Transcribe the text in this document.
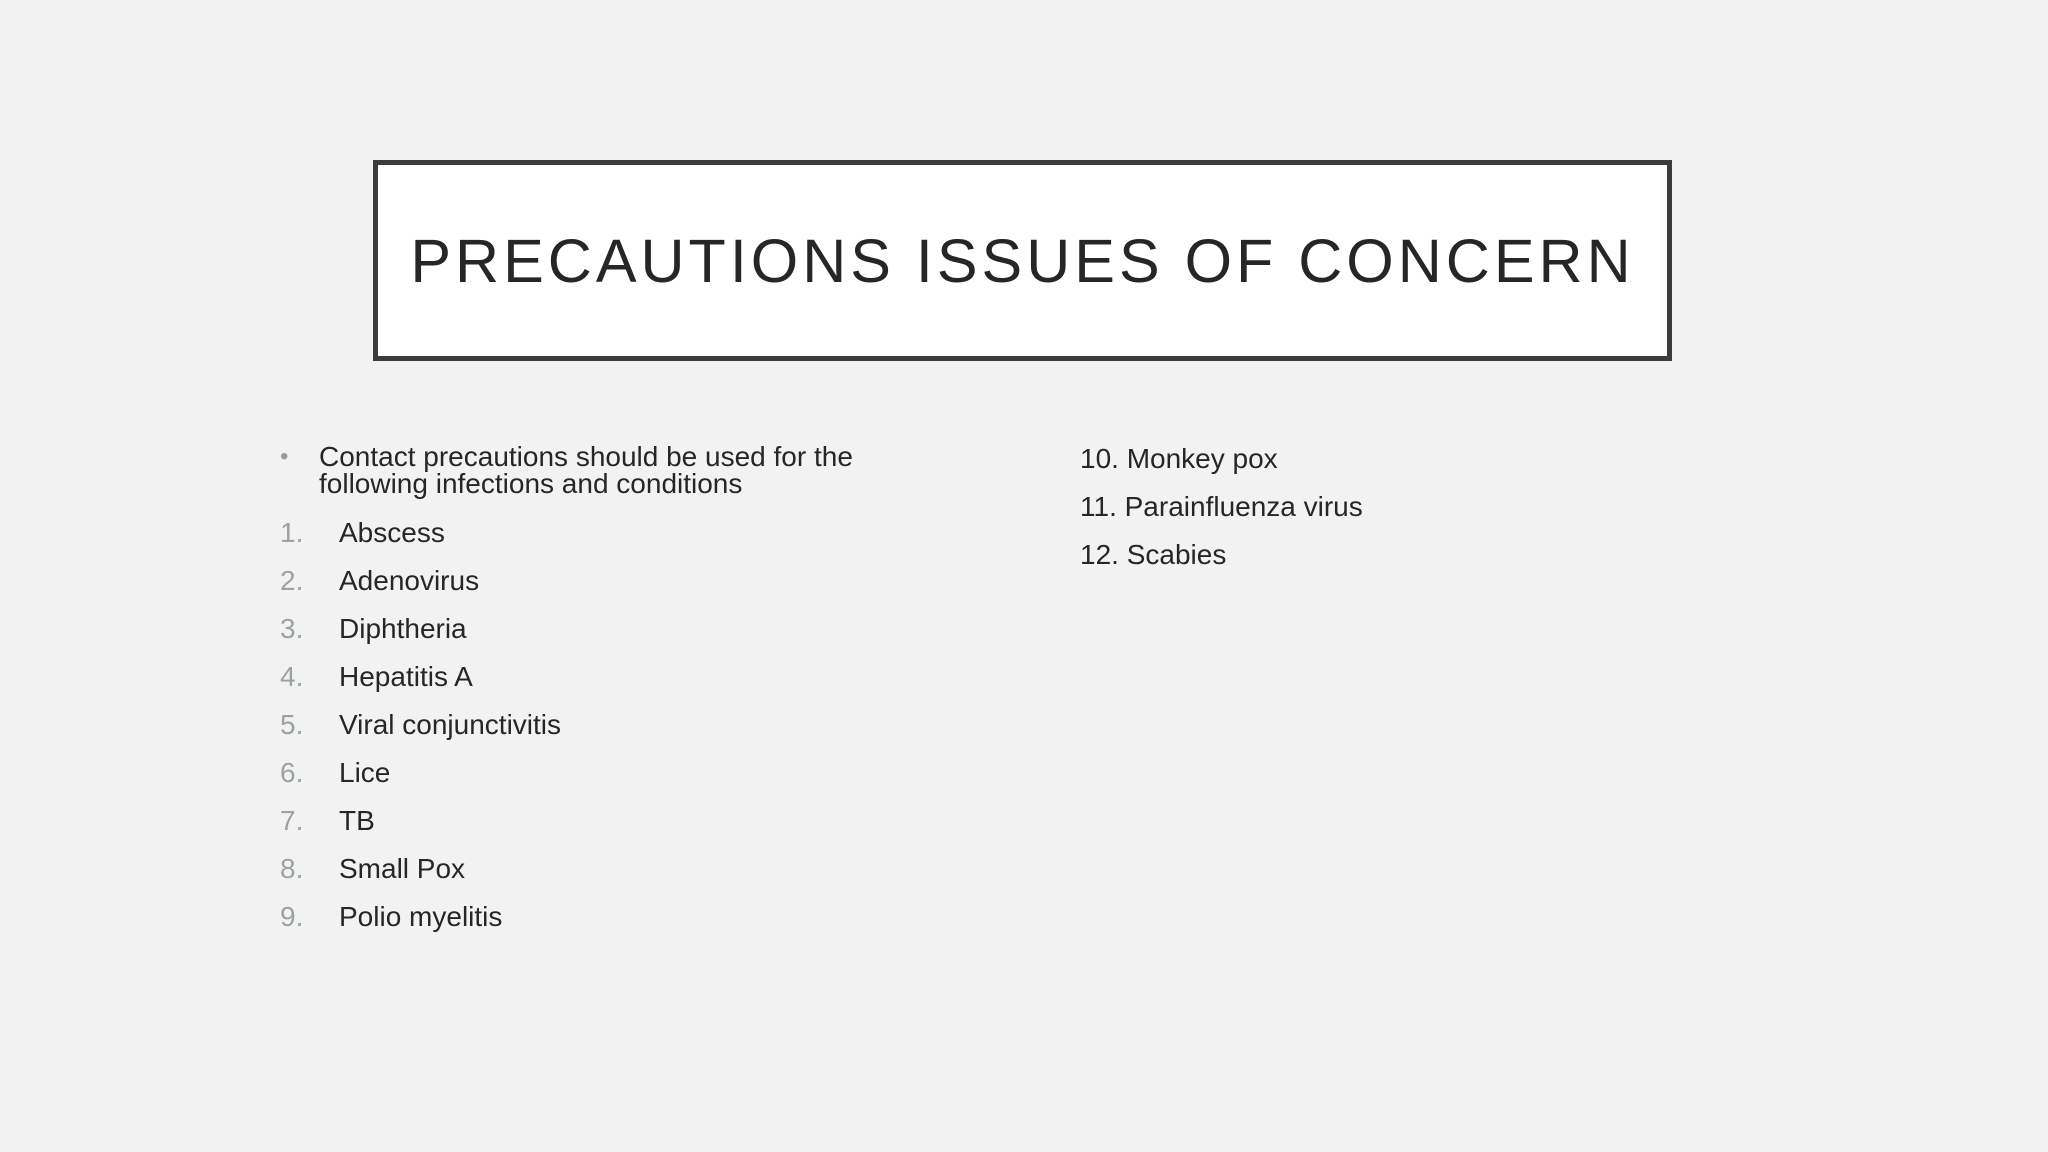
PRECAUTIONS ISSUES OF CONCERN
• Contact precautions should be used for the following infections and conditions
1. Abscess
2. Adenovirus
3. Diphtheria
4. Hepatitis A
5. Viral conjunctivitis
6. Lice
7. TB
8. Small Pox
9. Polio myelitis
10. Monkey pox
11. Parainfluenza virus
12. Scabies
